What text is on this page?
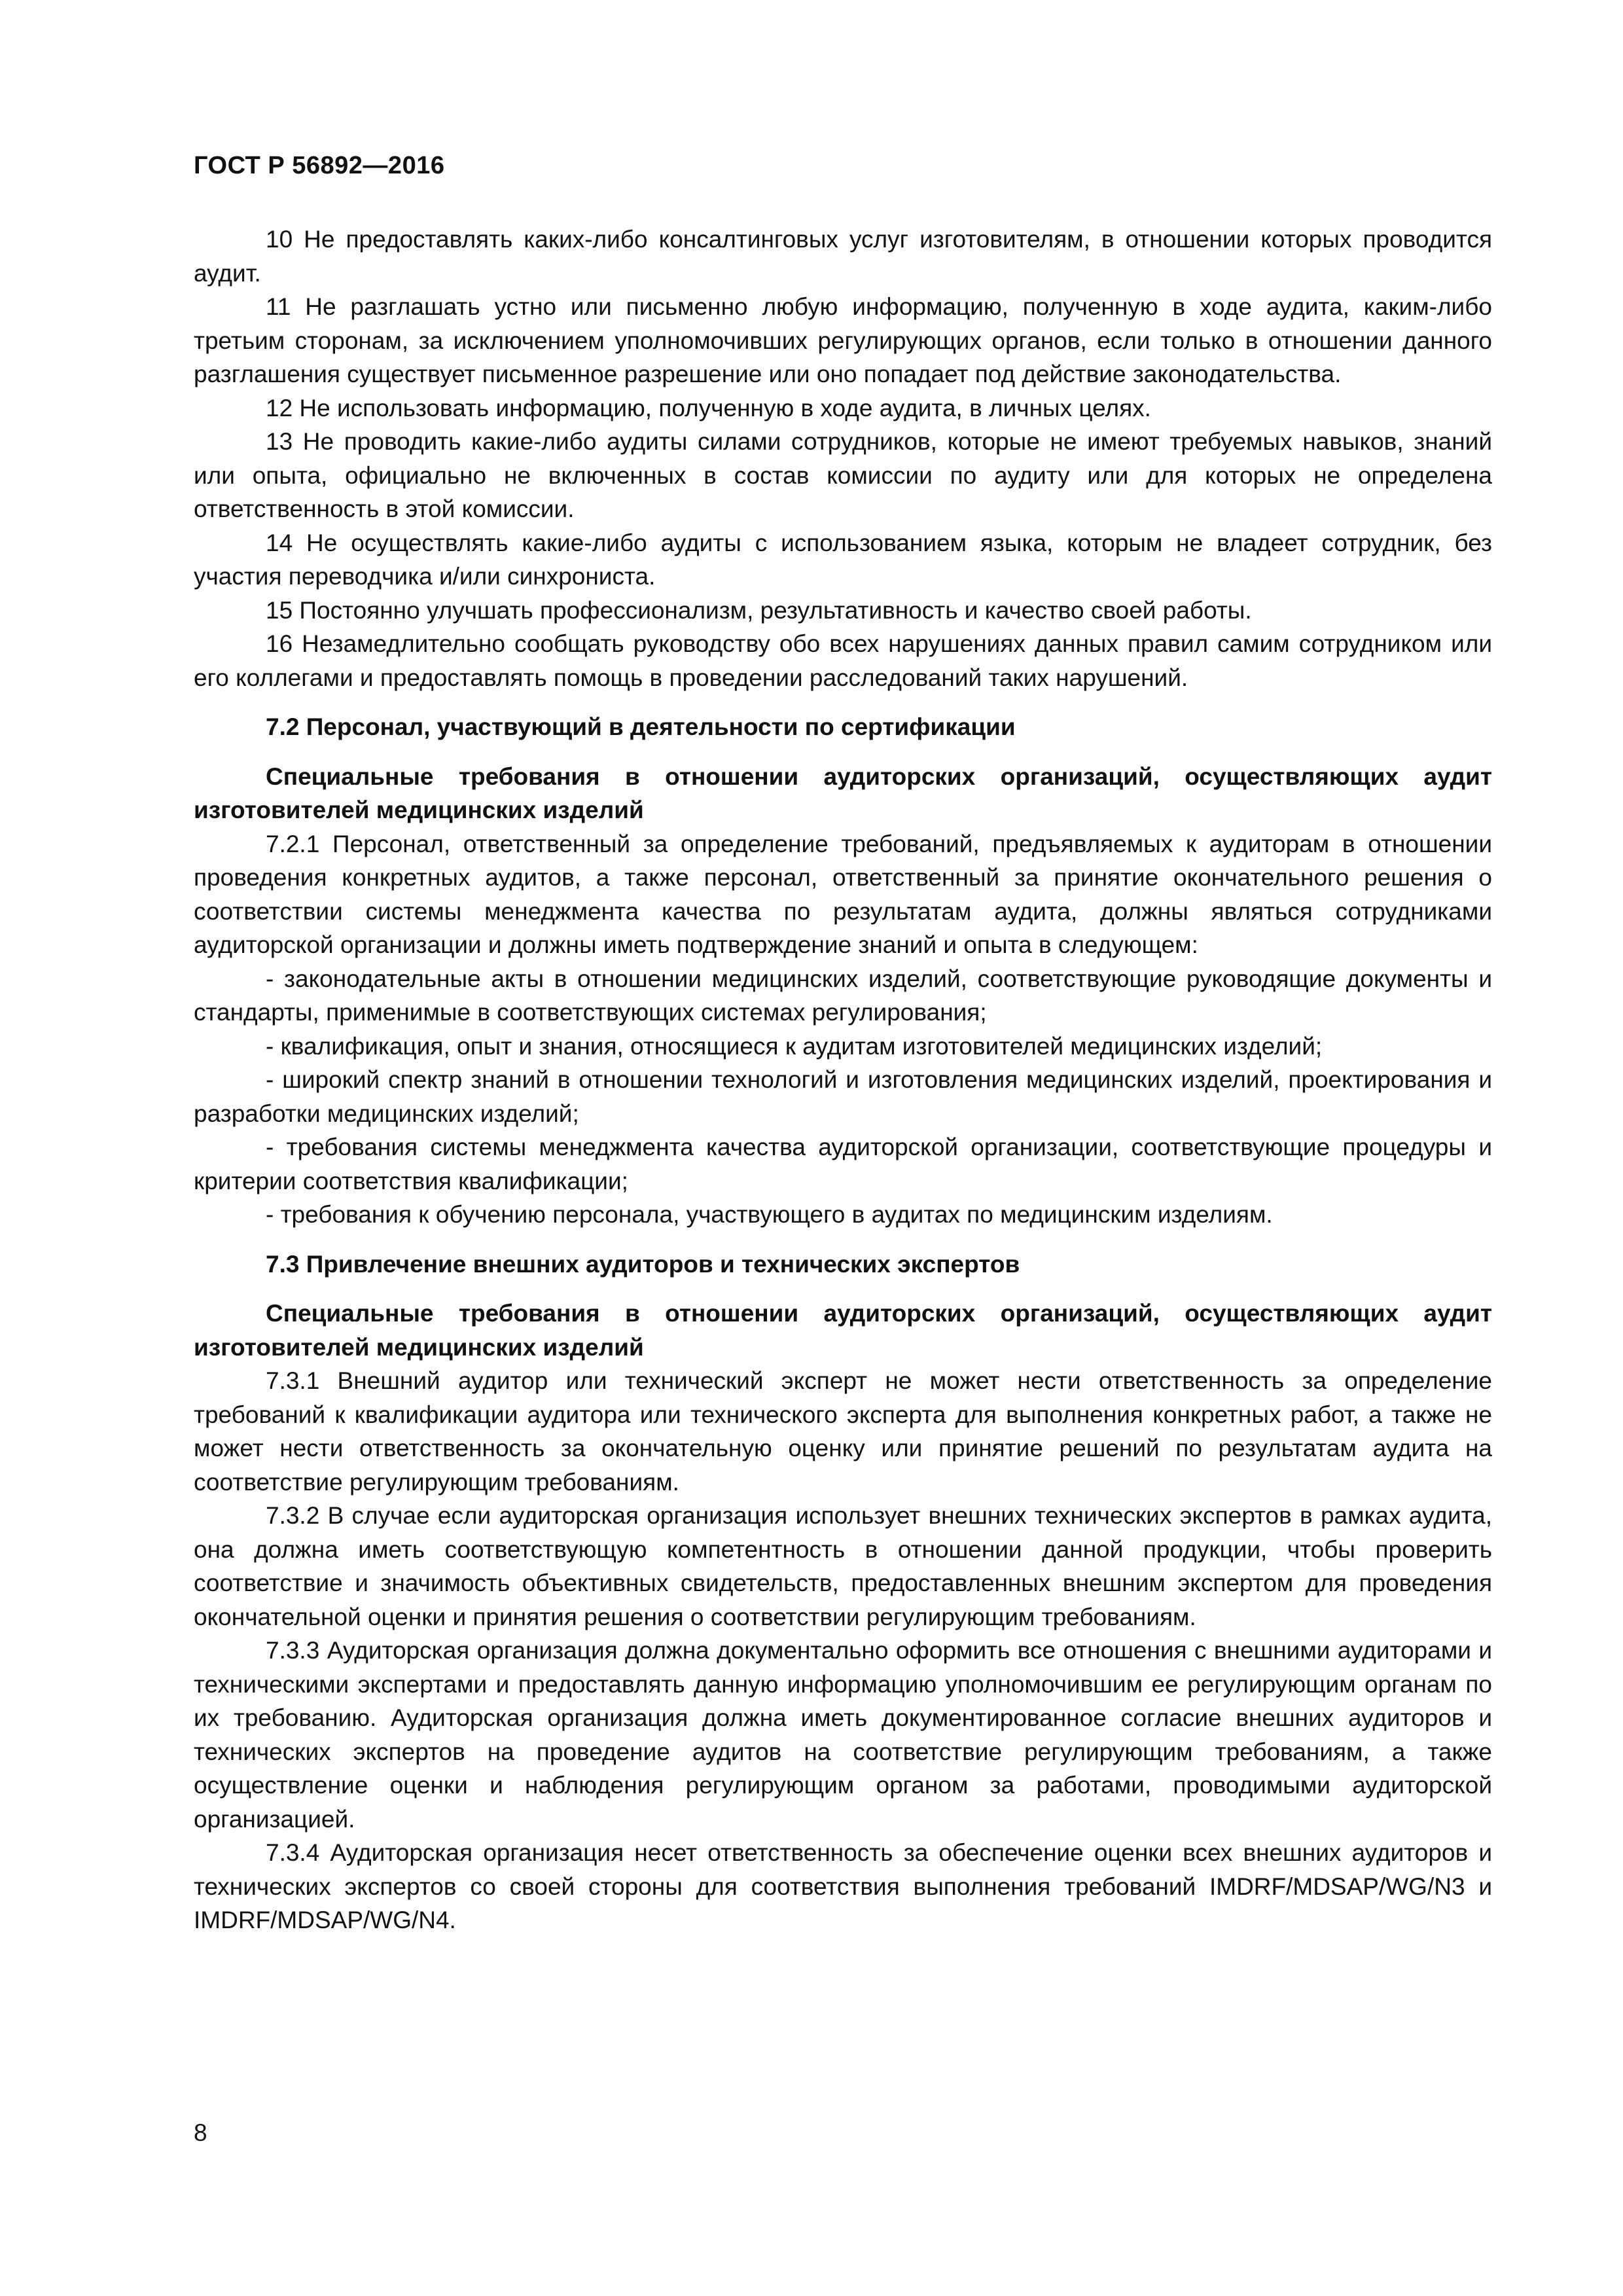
ГОСТ Р 56892—2016

10 Не предоставлять каких-либо консалтинговых услуг изготовителям, в отношении которых проводится аудит.

11 Не разглашать устно или письменно любую информацию, полученную в ходе аудита, каким-либо третьим сторонам, за исключением уполномочивших регулирующих органов, если только в отношении данного разглашения существует письменное разрешение или оно попадает под действие законодательства.

12 Не использовать информацию, полученную в ходе аудита, в личных целях.

13 Не проводить какие-либо аудиты силами сотрудников, которые не имеют требуемых навыков, знаний или опыта, официально не включенных в состав комиссии по аудиту или для которых не определена ответственность в этой комиссии.

14 Не осуществлять какие-либо аудиты с использованием языка, которым не владеет сотрудник, без участия переводчика и/или синхрониста.

15 Постоянно улучшать профессионализм, результативность и качество своей работы.

16 Незамедлительно сообщать руководству обо всех нарушениях данных правил самим сотрудником или его коллегами и предоставлять помощь в проведении расследований таких нарушений.

7.2 Персонал, участвующий в деятельности по сертификации
Специальные требования в отношении аудиторских организаций, осуществляющих аудит изготовителей медицинских изделий

7.2.1 Персонал, ответственный за определение требований, предъявляемых к аудиторам в отношении проведения конкретных аудитов, а также персонал, ответственный за принятие окончательного решения о соответствии системы менеджмента качества по результатам аудита, должны являться сотрудниками аудиторской организации и должны иметь подтверждение знаний и опыта в следующем:

- законодательные акты в отношении медицинских изделий, соответствующие руководящие документы и стандарты, применимые в соответствующих системах регулирования;

- квалификация, опыт и знания, относящиеся к аудитам изготовителей медицинских изделий;

- широкий спектр знаний в отношении технологий и изготовления медицинских изделий, проектирования и разработки медицинских изделий;

- требования системы менеджмента качества аудиторской организации, соответствующие процедуры и критерии соответствия квалификации;

- требования к обучению персонала, участвующего в аудитах по медицинским изделиям.

7.3 Привлечение внешних аудиторов и технических экспертов
Специальные требования в отношении аудиторских организаций, осуществляющих аудит изготовителей медицинских изделий

7.3.1 Внешний аудитор или технический эксперт не может нести ответственность за определение требований к квалификации аудитора или технического эксперта для выполнения конкретных работ, а также не может нести ответственность за окончательную оценку или принятие решений по результатам аудита на соответствие регулирующим требованиям.

7.3.2 В случае если аудиторская организация использует внешних технических экспертов в рамках аудита, она должна иметь соответствующую компетентность в отношении данной продукции, чтобы проверить соответствие и значимость объективных свидетельств, предоставленных внешним экспертом для проведения окончательной оценки и принятия решения о соответствии регулирующим требованиям.

7.3.3 Аудиторская организация должна документально оформить все отношения с внешними аудиторами и техническими экспертами и предоставлять данную информацию уполномочившим ее регулирующим органам по их требованию. Аудиторская организация должна иметь документированное согласие внешних аудиторов и технических экспертов на проведение аудитов на соответствие регулирующим требованиям, а также осуществление оценки и наблюдения регулирующим органом за работами, проводимыми аудиторской организацией.

7.3.4 Аудиторская организация несет ответственность за обеспечение оценки всех внешних аудиторов и технических экспертов со своей стороны для соответствия выполнения требований IMDRF/MDSAP/WG/N3 и IMDRF/MDSAP/WG/N4.

8
